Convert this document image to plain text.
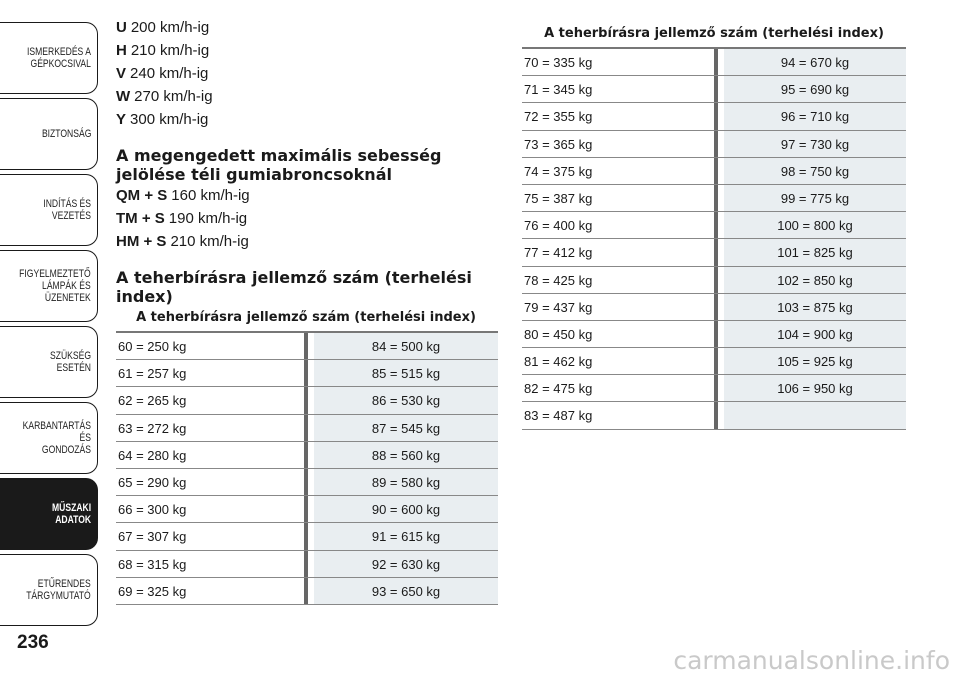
ISMERKEDÉS A
GÉPKOCSIVAL
BIZTONSÁG
INDÍTÁS ÉS VEZETÉS
FIGYELMEZTETŐ
LÁMPÁK ÉS
ÜZENETEK
SZÜKSÉG ESETÉN
KARBANTARTÁS ÉS
GONDOZÁS
MŰSZAKI
ADATOK
ETŰRENDES
TÁRGYMUTATÓ
236
carmanualsonline.info
U 200 km/h-ig
H 210 km/h-ig
V 240 km/h-ig
W 270 km/h-ig
Y 300 km/h-ig
A megengedett maximális sebesség jelölése téli gumiabroncsoknál
QM + S 160 km/h-ig
TM + S 190 km/h-ig
HM + S 210 km/h-ig
A teherbírásra jellemző szám (terhelési index)
A teherbírásra jellemző szám (terhelési index)
60 = 250 kg	84 = 500 kg
61 = 257 kg	85 = 515 kg
62 = 265 kg	86 = 530 kg
63 = 272 kg	87 = 545 kg
64 = 280 kg	88 = 560 kg
65 = 290 kg	89 = 580 kg
66 = 300 kg	90 = 600 kg
67 = 307 kg	91 = 615 kg
68 = 315 kg	92 = 630 kg
69 = 325 kg	93 = 650 kg
A teherbírásra jellemző szám (terhelési index)
70 = 335 kg	94 = 670 kg
71 = 345 kg	95 = 690 kg
72 = 355 kg	96 = 710 kg
73 = 365 kg	97 = 730 kg
74 = 375 kg	98 = 750 kg
75 = 387 kg	99 = 775 kg
76 = 400 kg	100 = 800 kg
77 = 412 kg	101 = 825 kg
78 = 425 kg	102 = 850 kg
79 = 437 kg	103 = 875 kg
80 = 450 kg	104 = 900 kg
81 = 462 kg	105 = 925 kg
82 = 475 kg	106 = 950 kg
83 = 487 kg
